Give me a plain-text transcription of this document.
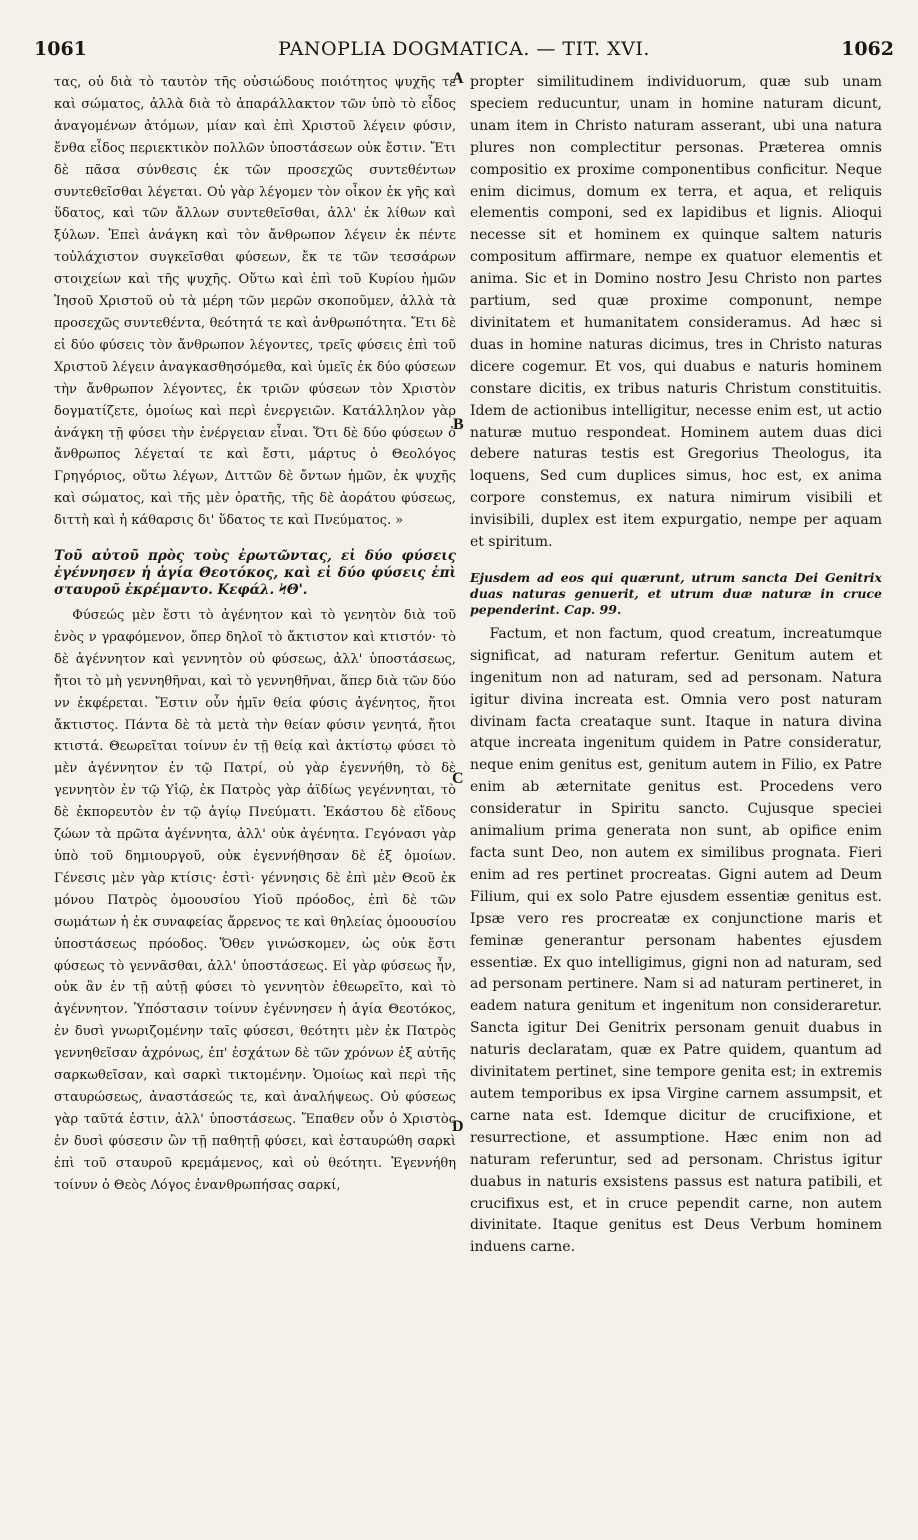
1061	PANOPLIA DOGMATICA. — TIT. XVI.	1062
A
B
C
D

τας, οὐ διὰ τὸ ταυτὸν τῆς οὐσιώδους ποιότητος ψυχῆς τε καὶ σώματος, ἀλλὰ διὰ τὸ ἀπαράλλακτον τῶν ὑπὸ τὸ εἶδος ἀναγομένων ἀτόμων, μίαν καὶ ἐπὶ Χριστοῦ λέγειν φύσιν, ἔνθα εἶδος περιεκτικὸν πολλῶν ὑποστάσεων οὐκ ἔστιν. Ἔτι δὲ πᾶσα σύνθεσις ἐκ τῶν προσεχῶς συντεθέντων συντεθεῖσθαι λέγεται. Οὐ γὰρ λέγομεν τὸν οἶκον ἐκ γῆς καὶ ὕδατος, καὶ τῶν ἄλλων συντεθεῖσθαι, ἀλλ' ἐκ λίθων καὶ ξύλων. Ἐπεὶ ἀνάγκη καὶ τὸν ἄνθρωπον λέγειν ἐκ πέντε τοὐλάχιστον συγκεῖσθαι φύσεων, ἔκ τε τῶν τεσσάρων στοιχείων καὶ τῆς ψυχῆς. Οὕτω καὶ ἐπὶ τοῦ Κυρίου ἡμῶν Ἰησοῦ Χριστοῦ οὐ τὰ μέρη τῶν μερῶν σκοποῦμεν, ἀλλὰ τὰ προσεχῶς συντεθέντα, θεότητά τε καὶ ἀνθρωπότητα. Ἔτι δὲ εἰ δύο φύσεις τὸν ἄνθρωπον λέγοντες, τρεῖς φύσεις ἐπὶ τοῦ Χριστοῦ λέγειν ἀναγκασθησόμεθα, καὶ ὑμεῖς ἐκ δύο φύσεων τὴν ἄνθρωπον λέγοντες, ἐκ τριῶν φύσεων τὸν Χριστὸν δογματίζετε, ὁμοίως καὶ περὶ ἐνεργειῶν. Κατάλληλον γὰρ ἀνάγκη τῇ φύσει τὴν ἐνέργειαν εἶναι. Ὅτι δὲ δύο φύσεων ὁ ἄνθρωπος λέγεταί τε καὶ ἔστι, μάρτυς ὁ Θεολόγος Γρηγόριος, οὕτω λέγων, Διττῶν δὲ ὄντων ἡμῶν, ἐκ ψυχῆς καὶ σώματος, καὶ τῆς μὲν ὁρατῆς, τῆς δὲ ἀοράτου φύσεως, διττὴ καὶ ἡ κάθαρσις δι' ὕδατος τε καὶ Πνεύματος. »

Τοῦ αὐτοῦ πρὸς τοὺς ἐρωτῶντας, εἰ δύο φύσεις ἐγέννησεν ἡ ἁγία Θεοτόκος, καὶ εἰ δύο φύσεις ἐπὶ σταυροῦ ἐκρέμαντο. Κεφάλ. ϞΘ'.

Φύσεώς μὲν ἔστι τὸ ἀγένητον καὶ τὸ γενητὸν διὰ τοῦ ἑνὸς ν γραφόμενον, ὅπερ δηλοῖ τὸ ἄκτιστον καὶ κτιστόν· τὸ δὲ ἀγέννητον καὶ γεννητὸν οὐ φύσεως, ἀλλ' ὑποστάσεως, ἤτοι τὸ μὴ γεννηθῆναι, καὶ τὸ γεννηθῆναι, ἅπερ διὰ τῶν δύο νν ἐκφέρεται. Ἔστιν οὖν ἡμῖν θεία φύσις ἀγένητος, ἤτοι ἄκτιστος. Πάντα δὲ τὰ μετὰ τὴν θείαν φύσιν γενητά, ἤτοι κτιστά. Θεωρεῖται τοίνυν ἐν τῇ θείᾳ καὶ ἀκτίστῳ φύσει τὸ μὲν ἀγέννητον ἐν τῷ Πατρί, οὐ γὰρ ἐγεννήθη, τὸ δὲ γεννητὸν ἐν τῷ Υἱῷ, ἐκ Πατρὸς γὰρ ἀϊδίως γεγέννηται, τὸ δὲ ἐκπορευτὸν ἐν τῷ ἁγίῳ Πνεύματι. Ἑκάστου δὲ εἴδους ζώων τὰ πρῶτα ἀγέννητα, ἀλλ' οὐκ ἀγένητα. Γεγόνασι γὰρ ὑπὸ τοῦ δημιουργοῦ, οὐκ ἐγεννήθησαν δὲ ἐξ ὁμοίων. Γένεσις μὲν γὰρ κτίσις· ἐστὶ· γέννησις δὲ ἐπὶ μὲν Θεοῦ ἐκ μόνου Πατρὸς ὁμοουσίου Υἱοῦ πρόοδος, ἐπὶ δὲ τῶν σωμάτων ἡ ἐκ συναφείας ἄρρενος τε καὶ θηλείας ὁμοουσίου ὑποστάσεως πρόοδος. Ὅθεν γινώσκομεν, ὡς οὐκ ἔστι φύσεως τὸ γεννᾶσθαι, ἀλλ' ὑποστάσεως. Εἰ γὰρ φύσεως ἦν, οὐκ ἂν ἐν τῇ αὐτῇ φύσει τὸ γεννητὸν ἐθεωρεῖτο, καὶ τὸ ἀγέννητον. Ὑπόστασιν τοίνυν ἐγέννησεν ἡ ἁγία Θεοτόκος, ἐν δυσὶ γνωριζομένην ταῖς φύσεσι, θεότητι μὲν ἐκ Πατρὸς γεννηθεῖσαν ἀχρόνως, ἐπ' ἐσχάτων δὲ τῶν χρόνων ἐξ αὐτῆς σαρκωθεῖσαν, καὶ σαρκὶ τικτομένην. Ὁμοίως καὶ περὶ τῆς σταυρώσεως, ἀναστάσεώς τε, καὶ ἀναλήψεως. Οὐ φύσεως γὰρ ταῦτά ἐστιν, ἀλλ' ὑποστάσεως. Ἔπαθεν οὖν ὁ Χριστὸς ἐν δυσὶ φύσεσιν ὢν τῇ παθητῇ φύσει, καὶ ἐσταυρώθη σαρκὶ ἐπὶ τοῦ σταυροῦ κρεμάμενος, καὶ οὐ θεότητι. Ἐγεννήθη τοίνυν ὁ Θεὸς Λόγος ἐνανθρωπήσας σαρκί,

propter similitudinem individuorum, quæ sub unam speciem reducuntur, unam in homine naturam dicunt, unam item in Christo naturam asserant, ubi una natura plures non complectitur personas. Præterea omnis compositio ex proxime componentibus conficitur. Neque enim dicimus, domum ex terra, et aqua, et reliquis elementis componi, sed ex lapidibus et lignis. Alioqui necesse sit et hominem ex quinque saltem naturis compositum affirmare, nempe ex quatuor elementis et anima. Sic et in Domino nostro Jesu Christo non partes partium, sed quæ proxime componunt, nempe divinitatem et humanitatem consideramus. Ad hæc si duas in homine naturas dicimus, tres in Christo naturas dicere cogemur. Et vos, qui duabus e naturis hominem constare dicitis, ex tribus naturis Christum constituitis. Idem de actionibus intelligitur, necesse enim est, ut actio naturæ mutuo respondeat. Hominem autem duas dici debere naturas testis est Gregorius Theologus, ita loquens, Sed cum duplices simus, hoc est, ex anima corpore constemus, ex natura nimirum visibili et invisibili, duplex est item expurgatio, nempe per aquam et spiritum.

Ejusdem ad eos qui quærunt, utrum sancta Dei Genitrix duas naturas genuerit, et utrum duæ naturæ in cruce pependerint. Cap. 99.

Factum, et non factum, quod creatum, increatumque significat, ad naturam refertur. Genitum autem et ingenitum non ad naturam, sed ad personam. Natura igitur divina increata est. Omnia vero post naturam divinam facta creataque sunt. Itaque in natura divina atque increata ingenitum quidem in Patre consideratur, neque enim genitus est, genitum autem in Filio, ex Patre enim ab æternitate genitus est. Procedens vero consideratur in Spiritu sancto. Cujusque speciei animalium prima generata non sunt, ab opifice enim facta sunt Deo, non autem ex similibus prognata. Fieri enim ad res pertinet procreatas. Gigni autem ad Deum Filium, qui ex solo Patre ejusdem essentiæ genitus est. Ipsæ vero res procreatæ ex conjunctione maris et feminæ generantur personam habentes ejusdem essentiæ. Ex quo intelligimus, gigni non ad naturam, sed ad personam pertinere. Nam si ad naturam pertineret, in eadem natura genitum et ingenitum non consideraretur. Sancta igitur Dei Genitrix personam genuit duabus in naturis declaratam, quæ ex Patre quidem, quantum ad divinitatem pertinet, sine tempore genita est; in extremis autem temporibus ex ipsa Virgine carnem assumpsit, et carne nata est. Idemque dicitur de crucifixione, et resurrectione, et assumptione. Hæc enim non ad naturam referuntur, sed ad personam. Christus igitur duabus in naturis exsistens passus est natura patibili, et crucifixus est, et in cruce pependit carne, non autem divinitate. Itaque genitus est Deus Verbum hominem induens carne.
